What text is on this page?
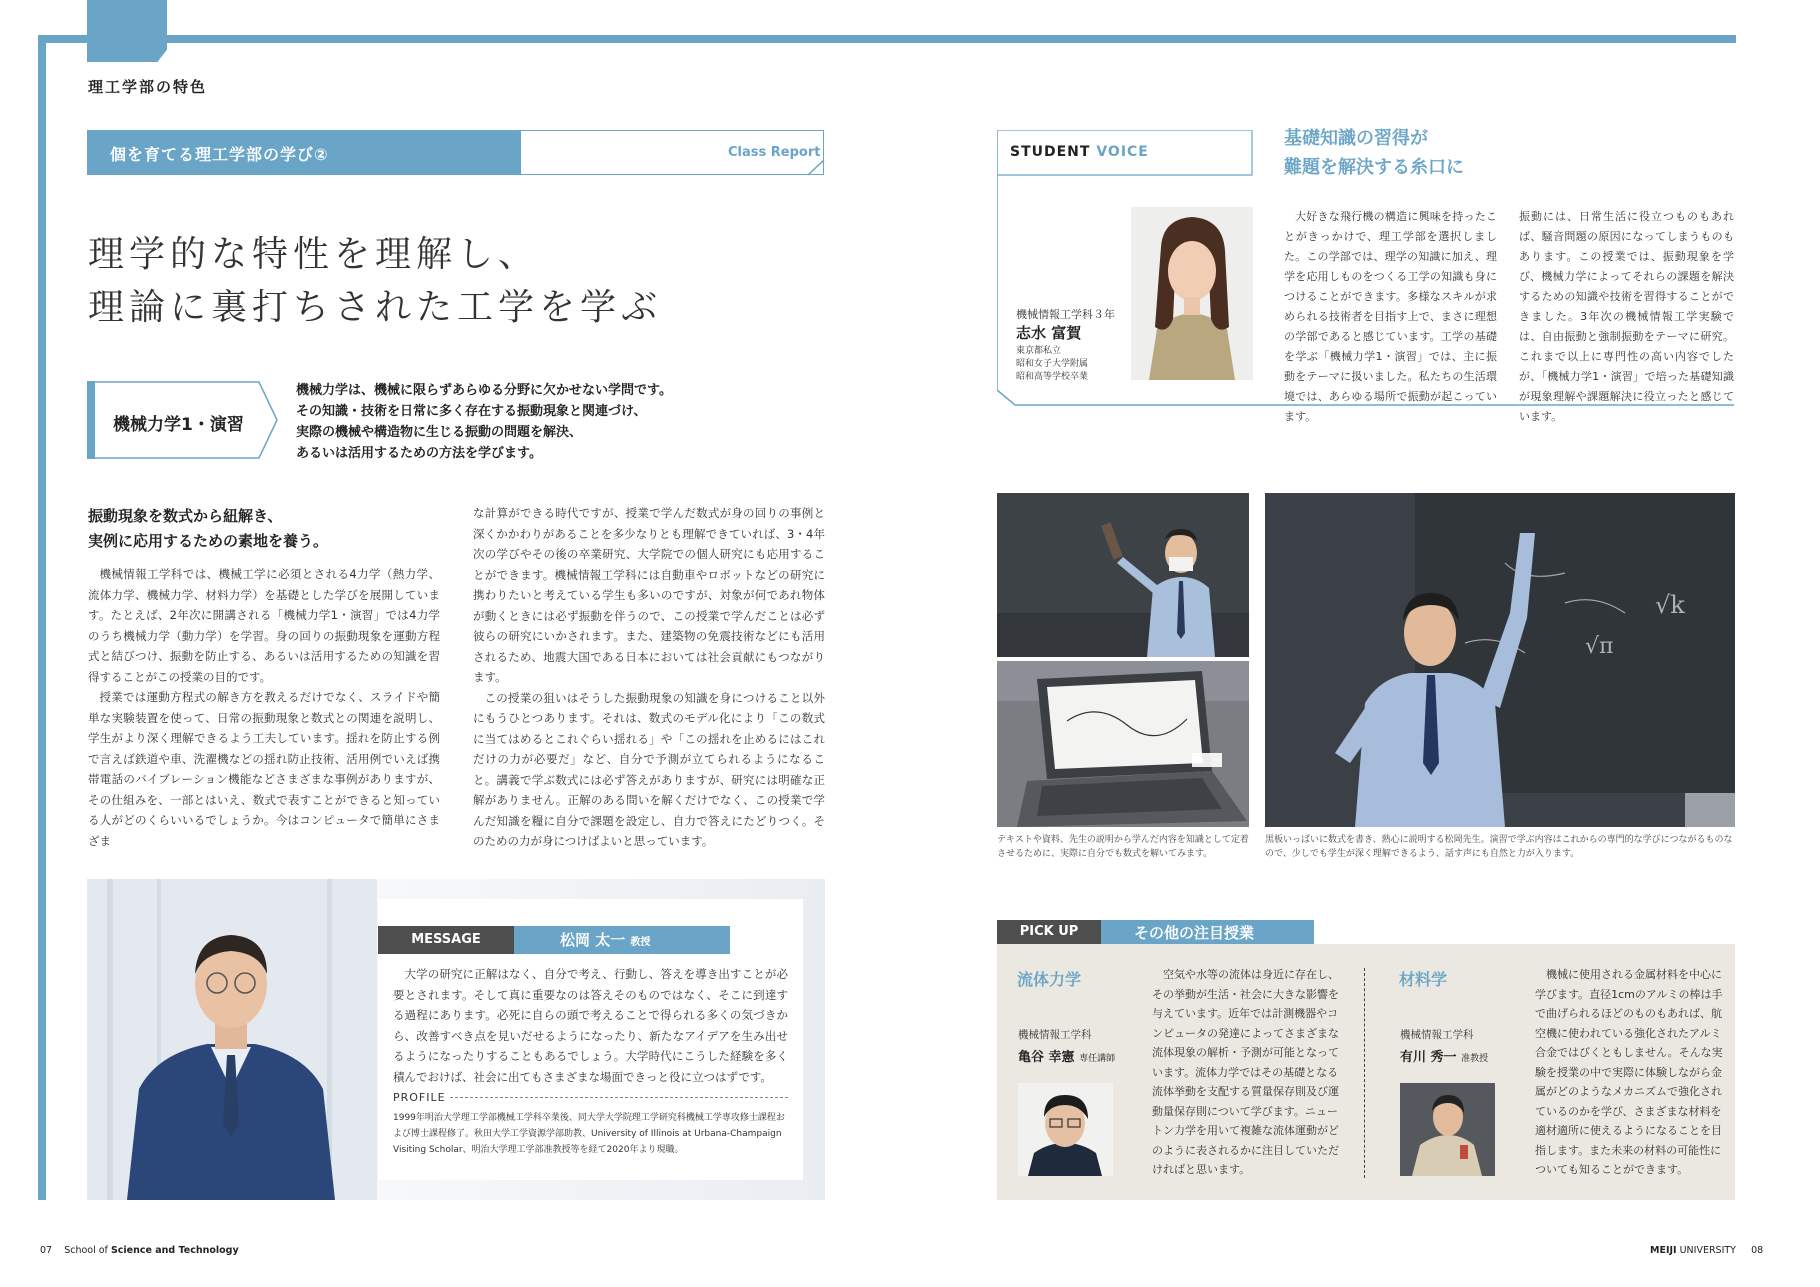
理工学部の特色
個を育てる理工学部の学び②	Class Report
理学的な特性を理解し、
理論に裏打ちされた工学を学ぶ
機械力学1・演習
機械力学は、機械に限らずあらゆる分野に欠かせない学問です。
その知識・技術を日常に多く存在する振動現象と関連づけ、
実際の機械や構造物に生じる振動の問題を解決、
あるいは活用するための方法を学びます。
振動現象を数式から紐解き、
実例に応用するための素地を養う。

機械情報工学科では、機械工学に必須とされる4力学（熱力学、流体力学、機械力学、材料力学）を基礎とした学びを展開しています。たとえば、2年次に開講される「機械力学1・演習」では4力学のうち機械力学（動力学）を学習。身の回りの振動現象を運動方程式と結びつけ、振動を防止する、あるいは活用するための知識を習得することがこの授業の目的です。

授業では運動方程式の解き方を教えるだけでなく、スライドや簡単な実験装置を使って、日常の振動現象と数式との関連を説明し、学生がより深く理解できるよう工夫しています。揺れを防止する例で言えば鉄道や車、洗濯機などの揺れ防止技術、活用例でいえば携帯電話のバイブレーション機能などさまざまな事例がありますが、その仕組みを、一部とはいえ、数式で表すことができると知っている人がどのくらいいるでしょうか。今はコンピュータで簡単にさまざま

な計算ができる時代ですが、授業で学んだ数式が身の回りの事例と深くかかわりがあることを多少なりとも理解できていれば、3・4年次の学びやその後の卒業研究、大学院での個人研究にも応用することができます。機械情報工学科には自動車やロボットなどの研究に携わりたいと考えている学生も多いのですが、対象が何であれ物体が動くときには必ず振動を伴うので、この授業で学んだことは必ず彼らの研究にいかされます。また、建築物の免震技術などにも活用されるため、地震大国である日本においては社会貢献にもつながります。

この授業の狙いはそうした振動現象の知識を身につけること以外にもうひとつあります。それは、数式のモデル化により「この数式に当てはめるとこれぐらい揺れる」や「この揺れを止めるにはこれだけの力が必要だ」など、自分で予測が立てられるようになること。講義で学ぶ数式には必ず答えがありますが、研究には明確な正解がありません。正解のある問いを解くだけでなく、この授業で学んだ知識を糧に自分で課題を設定し、自力で答えにたどりつく。そのための力が身につけばよいと思っています。

MESSAGE	松岡 太一 教授

大学の研究に正解はなく、自分で考え、行動し、答えを導き出すことが必要とされます。そして真に重要なのは答えそのものではなく、そこに到達する過程にあります。必死に自らの頭で考えることで得られる多くの気づきから、改善すべき点を見いだせるようになったり、新たなアイデアを生み出せるようになったりすることもあるでしょう。大学時代にこうした経験を多く積んでおけば、社会に出てもさまざまな場面できっと役に立つはずです。

PROFILE
1999年明治大学理工学部機械工学科卒業後、同大学大学院理工学研究科機械工学専攻修士課程および博士課程修了。秋田大学工学資源学部助教、University of Illinois at Urbana-Champaign Visiting Scholar、明治大学理工学部准教授等を経て2020年より現職。
STUDENT VOICE
基礎知識の習得が
難題を解決する糸口に
機械情報工学科３年
志水 富賀
東京都私立
昭和女子大学附属
昭和高等学校卒業

大好きな飛行機の構造に興味を持ったことがきっかけで、理工学部を選択しました。この学部では、理学の知識に加え、理学を応用しものをつくる工学の知識も身につけることができます。多様なスキルが求められる技術者を目指す上で、まさに理想の学部であると感じています。工学の基礎を学ぶ「機械力学1・演習」では、主に振動をテーマに扱いました。私たちの生活環境では、あらゆる場所で振動が起こっています。

振動には、日常生活に役立つものもあれば、騒音問題の原因になってしまうものもあります。この授業では、振動現象を学び、機械力学によってそれらの課題を解決するための知識や技術を習得することができました。3年次の機械情報工学実験では、自由振動と強制振動をテーマに研究。これまで以上に専門性の高い内容でしたが、「機械力学1・演習」で培った基礎知識が現象理解や課題解決に役立ったと感じています。

√π
√k
テキストや資料、先生の説明から学んだ内容を知識として定着させるために、実際に自分でも数式を解いてみます。
黒板いっぱいに数式を書き、熱心に説明する松岡先生。演習で学ぶ内容はこれからの専門的な学びにつながるものなので、少しでも学生が深く理解できるよう、話す声にも自然と力が入ります。
PICK UP	その他の注目授業
流体力学
機械情報工学科
亀谷 幸憲 専任講師

空気や水等の流体は身近に存在し、その挙動が生活・社会に大きな影響を与えています。近年では計測機器やコンピュータの発達によってさまざまな流体現象の解析・予測が可能となっています。流体力学ではその基礎となる流体挙動を支配する質量保存則及び運動量保存則について学びます。ニュートン力学を用いて複雑な流体運動がどのように表されるかに注目していただければと思います。

材料学
機械情報工学科
有川 秀一 准教授

機械に使用される金属材料を中心に学びます。直径1cmのアルミの棒は手で曲げられるほどのものもあれば、航空機に使われている強化されたアルミ合金ではびくともしません。そんな実験を授業の中で実際に体験しながら金属がどのようなメカニズムで強化されているのかを学び、さまざまな材料を適材適所に使えるようになることを目指します。また未来の材料の可能性についても知ることができます。

07 School of Science and Technology	MEIJI UNIVERSITY 08
